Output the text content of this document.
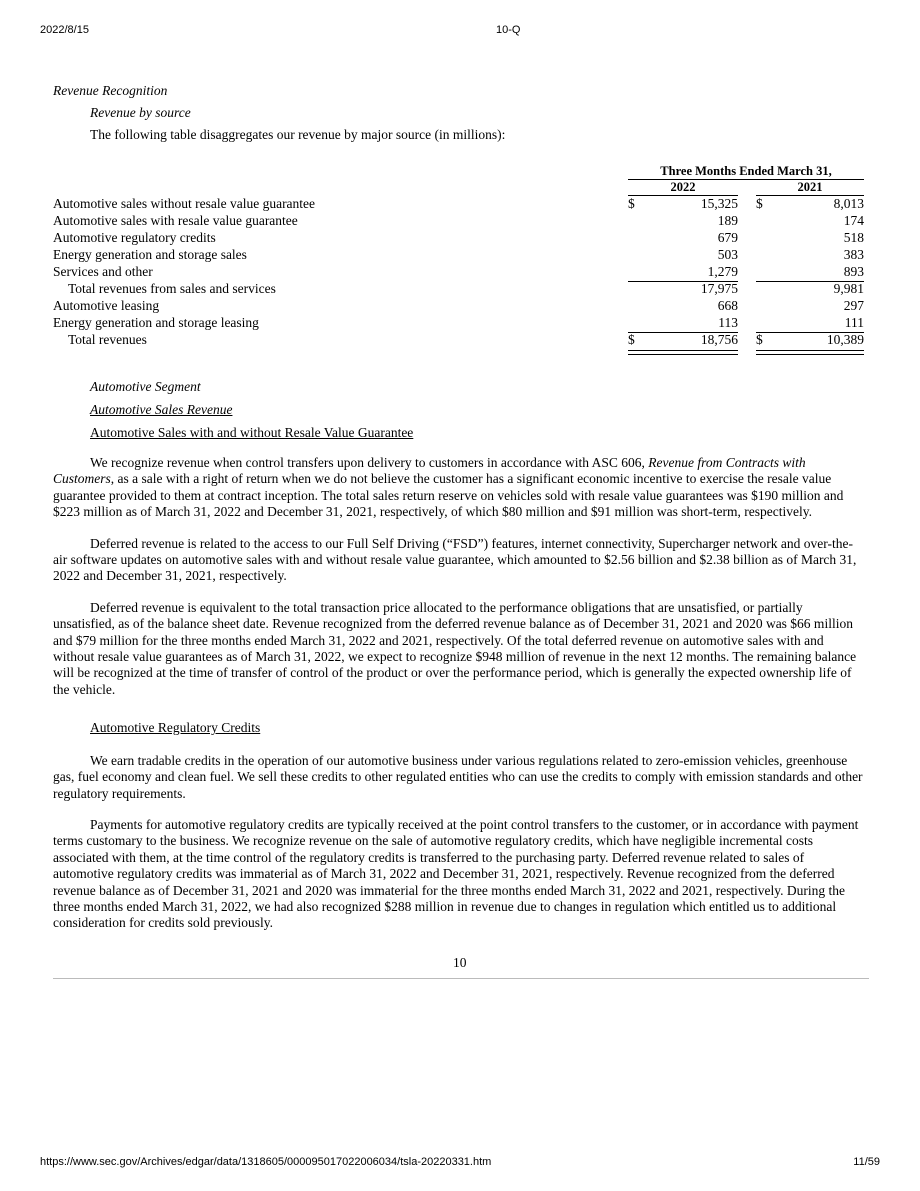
2022/8/15	10-Q
Revenue Recognition
Revenue by source
The following table disaggregates our revenue by major source (in millions):
Three Months Ended March 31,
2022	2021
Automotive sales without resale value guarantee	$	15,325 $	8,013
Automotive sales with resale value guarantee	189	174
Automotive regulatory credits	679	518
Energy generation and storage sales	503	383
Services and other	1,279	893
Total revenues from sales and services	17,975	9,981
Automotive leasing	668	297
Energy generation and storage leasing	113	111
Total revenues	$	18,756 $	10,389
Automotive Segment
Automotive Sales Revenue
Automotive Sales with and without Resale Value Guarantee

We recognize revenue when control transfers upon delivery to customers in accordance with ASC 606, Revenue from Contracts with Customers, as a sale with a right of return when we do not believe the customer has a significant economic incentive to exercise the resale value guarantee provided to them at contract inception. The total sales return reserve on vehicles sold with resale value guarantees was $190 million and $223 million as of March 31, 2022 and December 31, 2021, respectively, of which $80 million and $91 million was short-term, respectively.

Deferred revenue is related to the access to our Full Self Driving (“FSD”) features, internet connectivity, Supercharger network and over-the-air software updates on automotive sales with and without resale value guarantee, which amounted to $2.56 billion and $2.38 billion as of March 31, 2022 and December 31, 2021, respectively.

Deferred revenue is equivalent to the total transaction price allocated to the performance obligations that are unsatisfied, or partially unsatisfied, as of the balance sheet date. Revenue recognized from the deferred revenue balance as of December 31, 2021 and 2020 was $66 million and $79 million for the three months ended March 31, 2022 and 2021, respectively. Of the total deferred revenue on automotive sales with and without resale value guarantees as of March 31, 2022, we expect to recognize $948 million of revenue in the next 12 months. The remaining balance will be recognized at the time of transfer of control of the product or over the performance period, which is generally the expected ownership life of the vehicle.

Automotive Regulatory Credits

We earn tradable credits in the operation of our automotive business under various regulations related to zero-emission vehicles, greenhouse gas, fuel economy and clean fuel. We sell these credits to other regulated entities who can use the credits to comply with emission standards and other regulatory requirements.

Payments for automotive regulatory credits are typically received at the point control transfers to the customer, or in accordance with payment terms customary to the business. We recognize revenue on the sale of automotive regulatory credits, which have negligible incremental costs associated with them, at the time control of the regulatory credits is transferred to the purchasing party. Deferred revenue related to sales of automotive regulatory credits was immaterial as of March 31, 2022 and December 31, 2021, respectively. Revenue recognized from the deferred revenue balance as of December 31, 2021 and 2020 was immaterial for the three months ended March 31, 2022 and 2021, respectively. During the three months ended March 31, 2022, we had also recognized $288 million in revenue due to changes in regulation which entitled us to additional consideration for credits sold previously.

10
https://www.sec.gov/Archives/edgar/data/1318605/000095017022006034/tsla-20220331.htm	11/59
